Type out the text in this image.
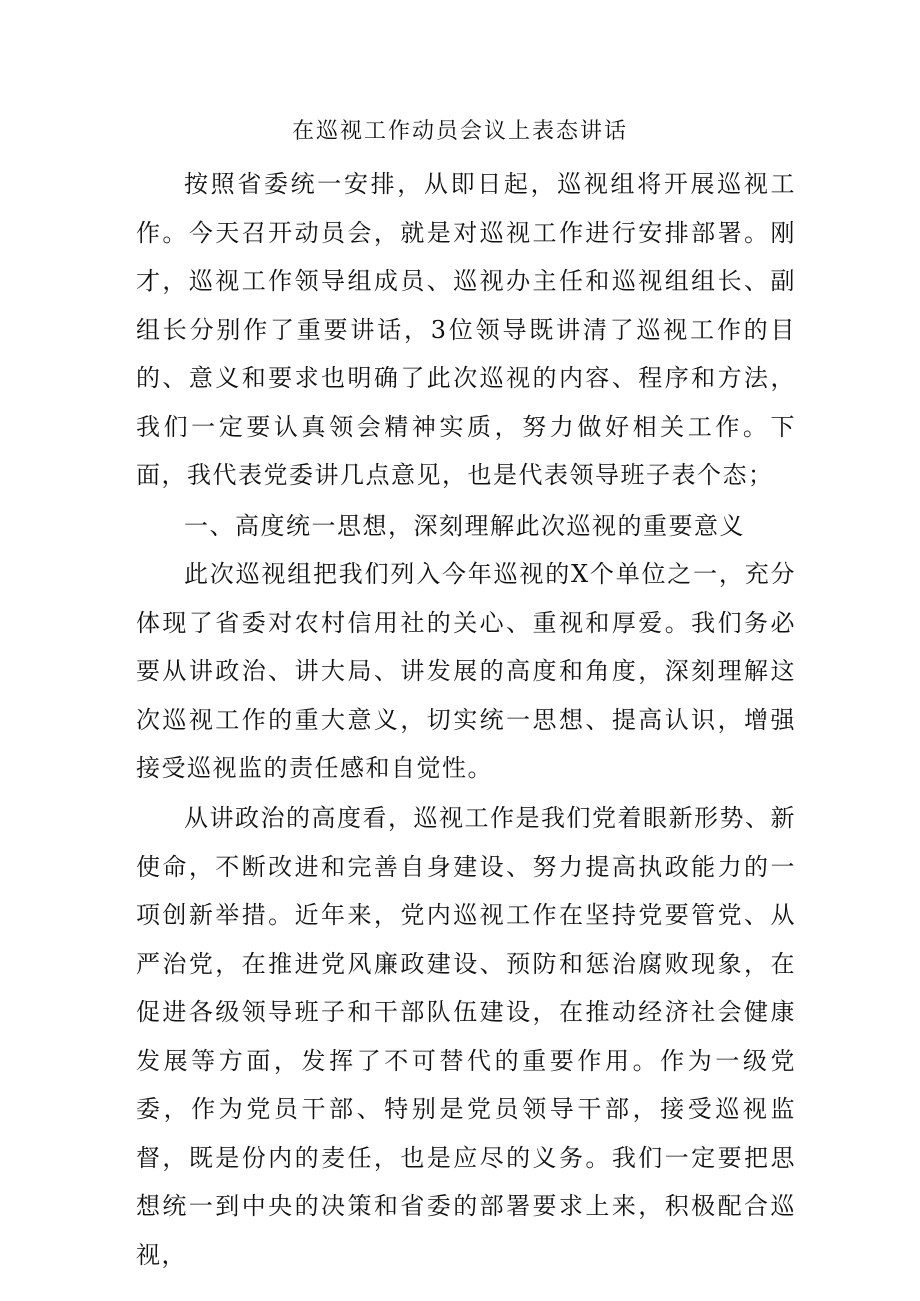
在巡视工作动员会议上表态讲话

按照省委统一安排，从即日起，巡视组将开展巡视工作。今天召开动员会，就是对巡视工作进行安排部署。刚才，巡视工作领导组成员、巡视办主任和巡视组组长、副组长分别作了重要讲话，3位领导既讲清了巡视工作的目的、意义和要求也明确了此次巡视的内容、程序和方法，我们一定要认真领会精神实质，努力做好相关工作。下面，我代表党委讲几点意见，也是代表领导班子表个态；

一、高度统一思想，深刻理解此次巡视的重要意义

此次巡视组把我们列入今年巡视的X个单位之一，充分体现了省委对农村信用社的关心、重视和厚爱。我们务必要从讲政治、讲大局、讲发展的高度和角度，深刻理解这次巡视工作的重大意义，切实统一思想、提高认识，增强接受巡视监的责任感和自觉性。

从讲政治的高度看，巡视工作是我们党着眼新形势、新使命，不断改进和完善自身建设、努力提高执政能力的一项创新举措。近年来，党内巡视工作在坚持党要管党、从严治党，在推进党风廉政建设、预防和惩治腐败现象，在促进各级领导班子和干部队伍建设，在推动经济社会健康发展等方面，发挥了不可替代的重要作用。作为一级党委，作为党员干部、特别是党员领导干部，接受巡视监督，既是份内的麦任，也是应尽的义务。我们一定要把思想统一到中央的决策和省委的部署要求上来，积极配合巡视，
